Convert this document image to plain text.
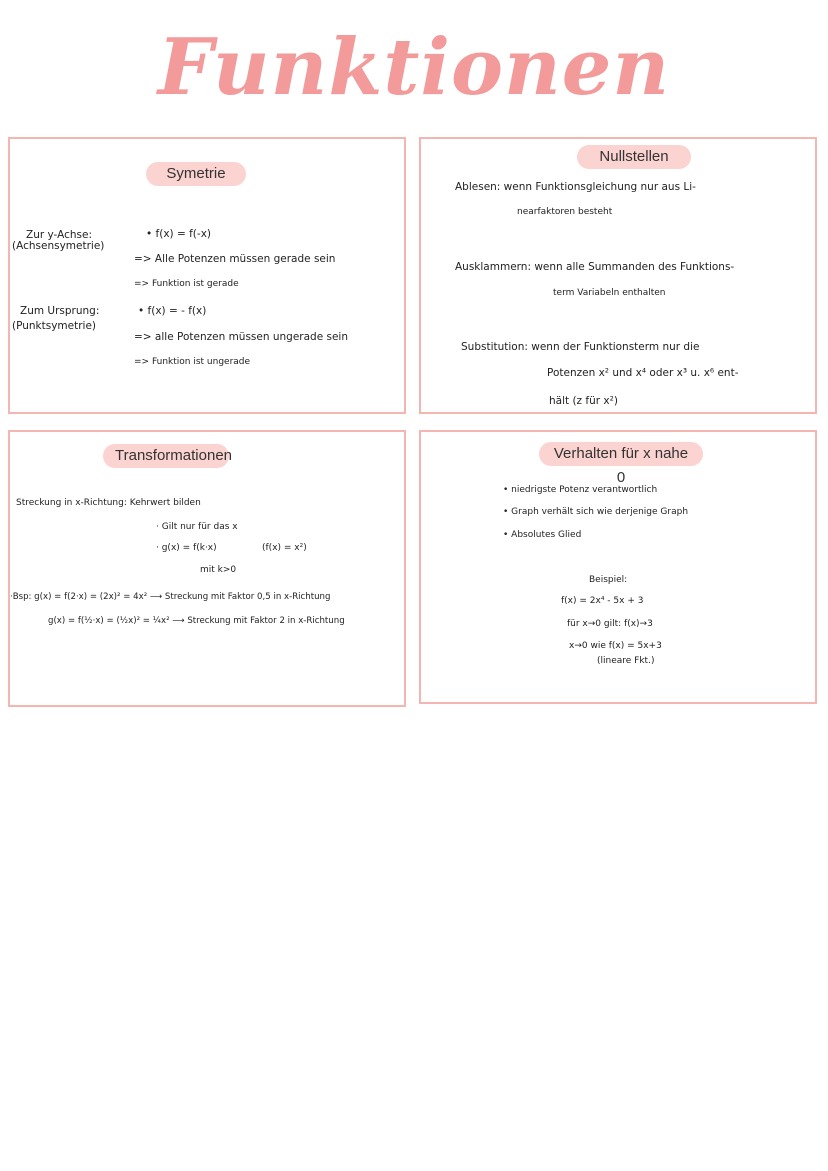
Funktionen
Symetrie
Zur y-Achse:
(Achsensymetrie)
• f(x) = f(-x)
=> Alle Potenzen müssen gerade sein
=> Funktion ist gerade
Zum Ursprung:
(Punktsymetrie)
• f(x) = - f(x)
=> alle Potenzen müssen ungerade sein
=> Funktion ist ungerade
Nullstellen
Ablesen: wenn Funktionsgleichung nur aus Li-
nearfaktoren besteht
Ausklammern: wenn alle Summanden des Funktions-
term Variabeln enthalten
Substitution: wenn der Funktionsterm nur die
Potenzen x² und x⁴ oder x³ u. x⁶ ent-
hält (z für x²)
Transformationen
Streckung in x-Richtung: Kehrwert bilden
· Gilt nur für das x
· g(x) = f(k·x)	(f(x) = x²)
mit k>0
·Bsp: g(x) = f(2·x) = (2x)² = 4x² ⟶ Streckung mit Faktor 0,5 in x-Richtung
g(x) = f(½·x) = (½x)² = ¼x² ⟶ Streckung mit Faktor 2 in x-Richtung
Verhalten für x nahe 0
• niedrigste Potenz verantwortlich
• Graph verhält sich wie derjenige Graph
• Absolutes Glied
Beispiel:
f(x) = 2x⁴ - 5x + 3
für x→0 gilt: f(x)→3
x→0 wie f(x) = 5x+3
(lineare Fkt.)
